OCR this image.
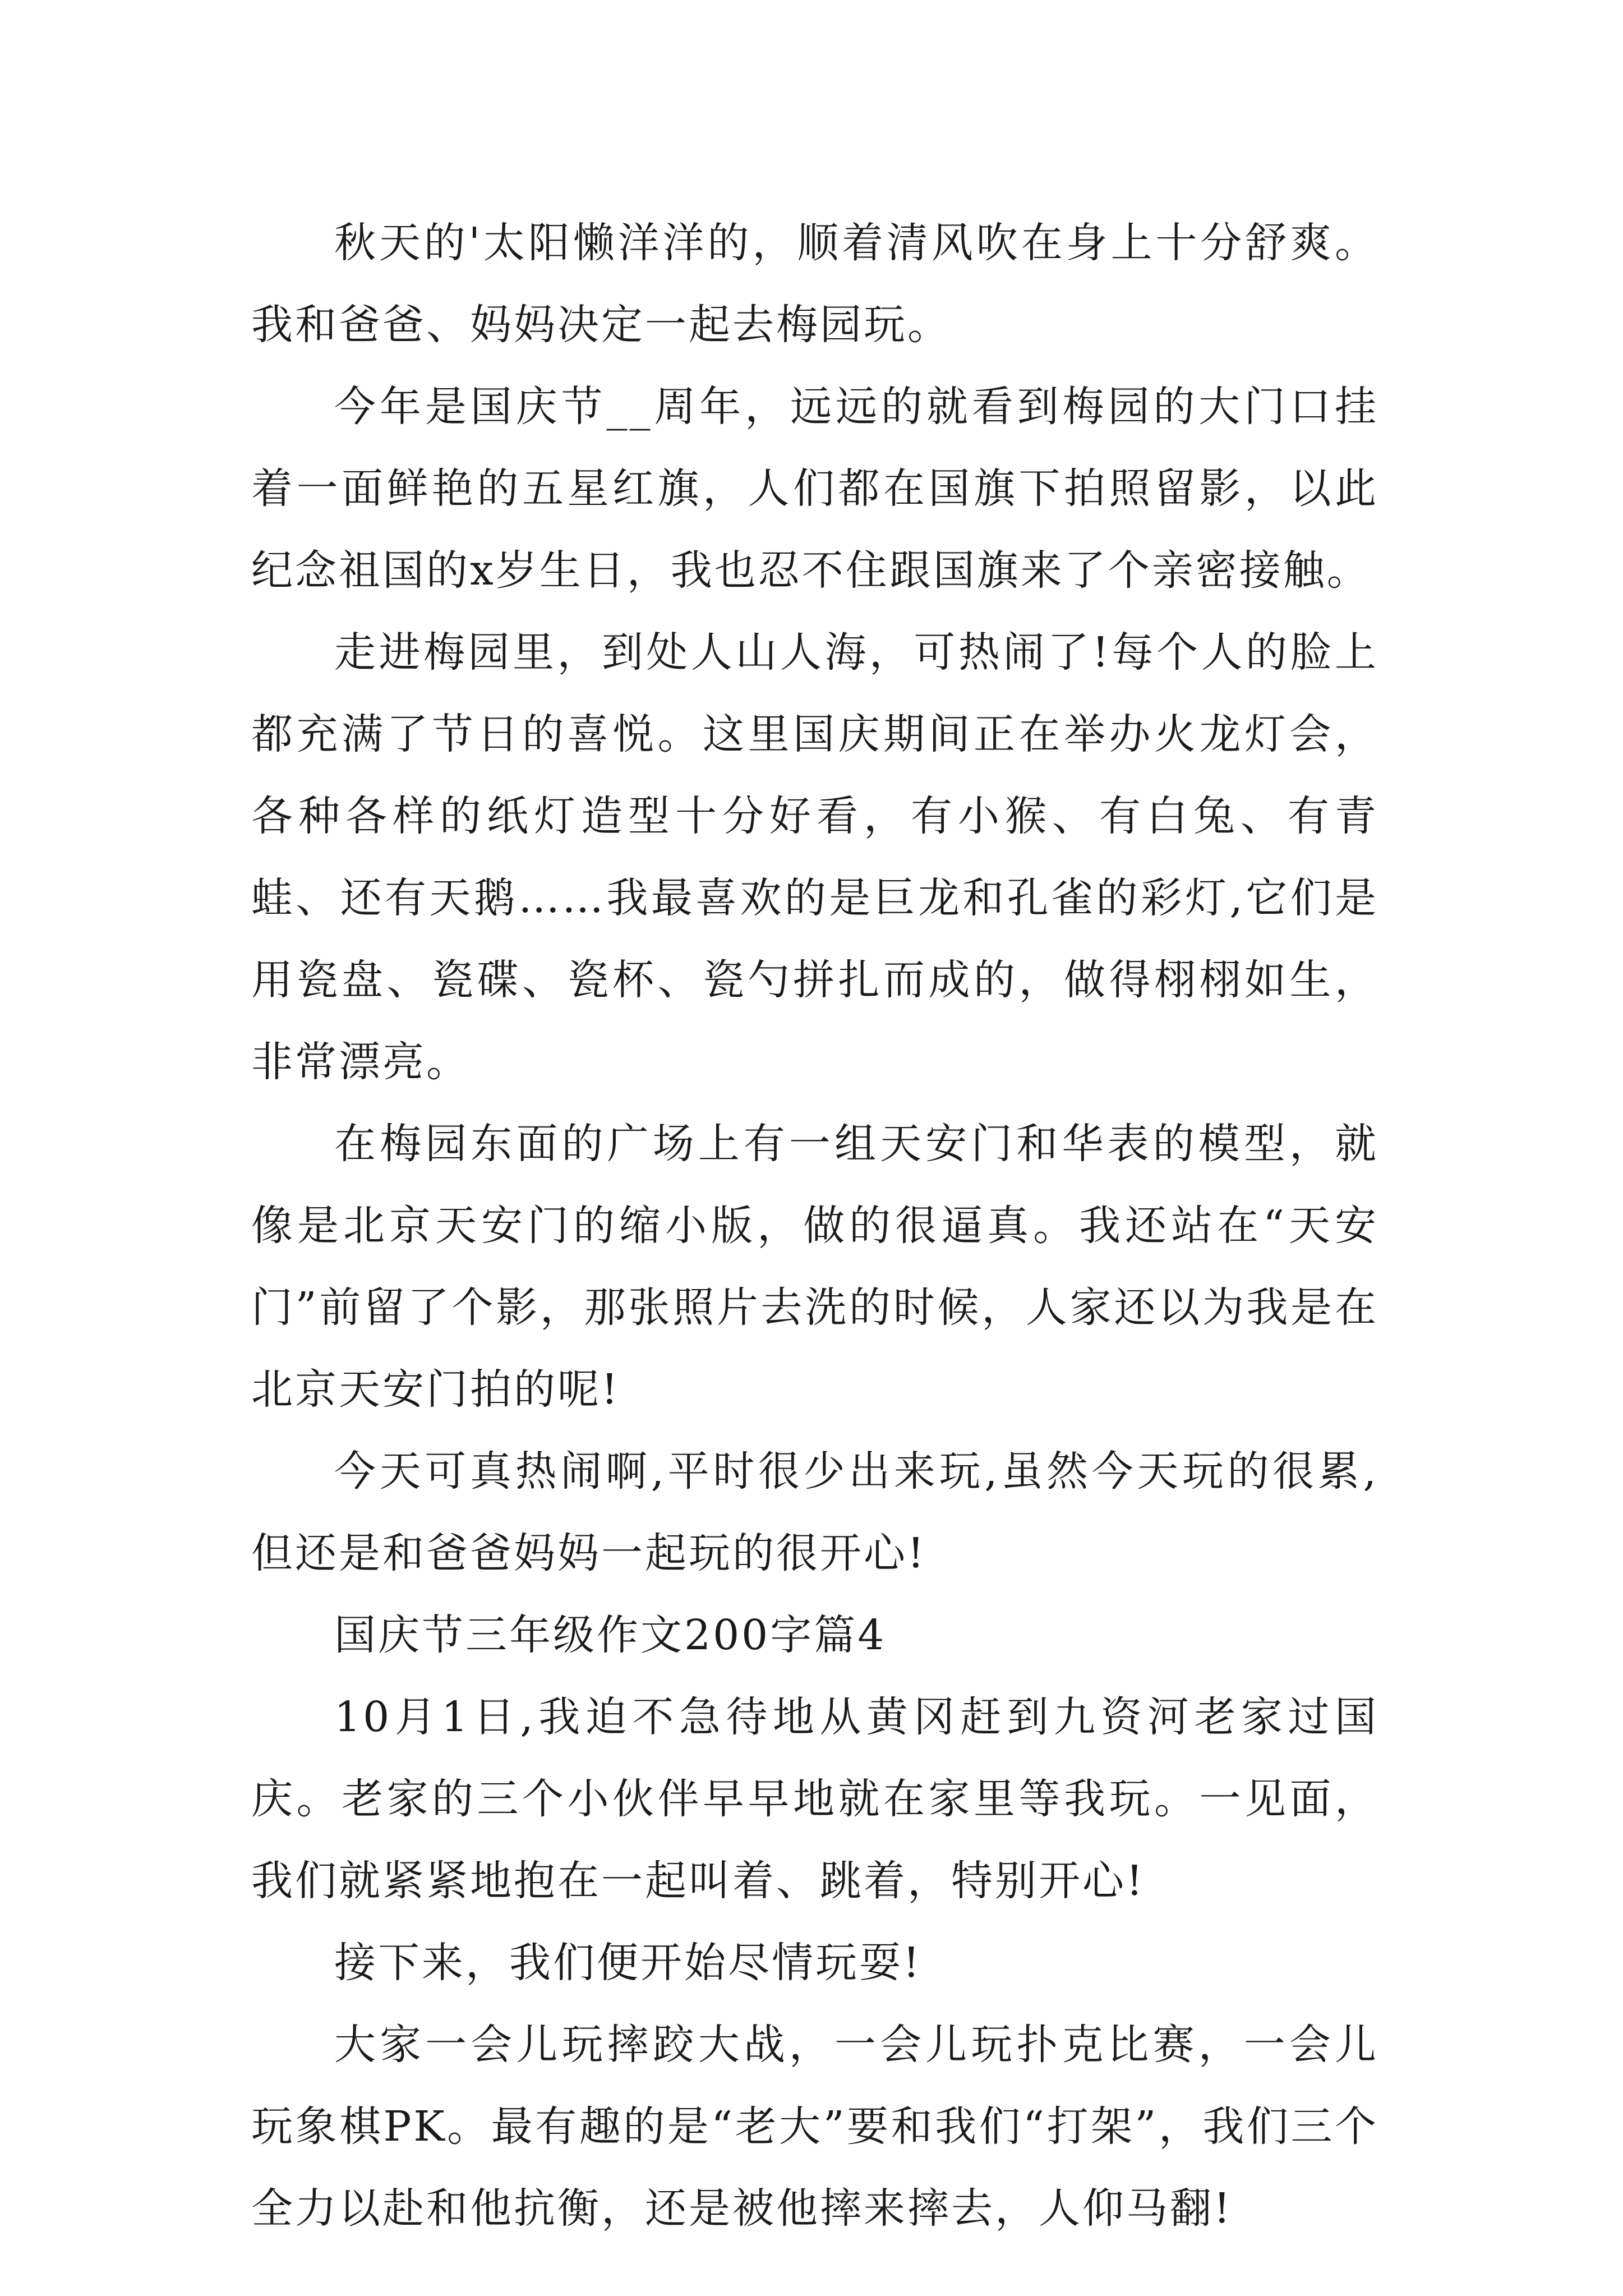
秋天的'太阳懒洋洋的，顺着清风吹在身上十分舒爽。我和爸爸、妈妈决定一起去梅园玩。

今年是国庆节__周年，远远的就看到梅园的大门口挂着一面鲜艳的五星红旗，人们都在国旗下拍照留影，以此纪念祖国的x岁生日，我也忍不住跟国旗来了个亲密接触。

走进梅园里，到处人山人海，可热闹了!每个人的脸上都充满了节日的喜悦。这里国庆期间正在举办火龙灯会，各种各样的纸灯造型十分好看，有小猴、有白兔、有青蛙、还有天鹅……我最喜欢的是巨龙和孔雀的彩灯,它们是用瓷盘、瓷碟、瓷杯、瓷勺拼扎而成的，做得栩栩如生，非常漂亮。

在梅园东面的广场上有一组天安门和华表的模型，就像是北京天安门的缩小版，做的很逼真。我还站在“天安门”前留了个影，那张照片去洗的时候，人家还以为我是在北京天安门拍的呢!

今天可真热闹啊,平时很少出来玩,虽然今天玩的很累,但还是和爸爸妈妈一起玩的很开心!

国庆节三年级作文200字篇4

10月1日,我迫不急待地从黄冈赶到九资河老家过国庆。老家的三个小伙伴早早地就在家里等我玩。一见面，我们就紧紧地抱在一起叫着、跳着，特别开心!

接下来，我们便开始尽情玩耍!

大家一会儿玩摔跤大战，一会儿玩扑克比赛，一会儿玩象棋PK。最有趣的是“老大”要和我们“打架”，我们三个全力以赴和他抗衡，还是被他摔来摔去，人仰马翻!
